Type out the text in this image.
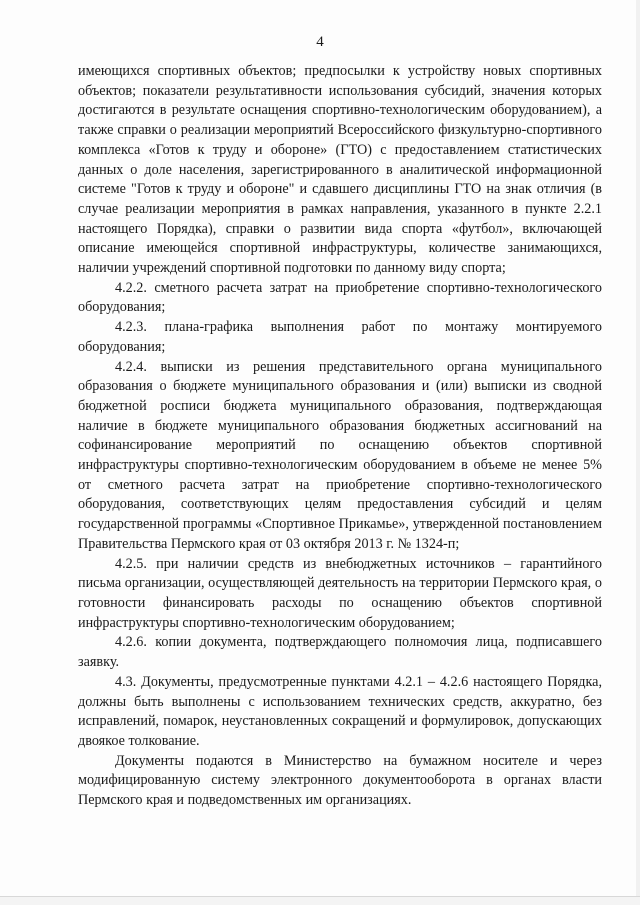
4

имеющихся спортивных объектов; предпосылки к устройству новых спортивных объектов; показатели результативности использования субсидий, значения которых достигаются в результате оснащения спортивно-технологическим оборудованием), а также справки о реализации мероприятий Всероссийского физкультурно-спортивного комплекса «Готов к труду и обороне» (ГТО) с предоставлением статистических данных о доле населения, зарегистрированного в аналитической информационной системе "Готов к труду и обороне" и сдавшего дисциплины ГТО на знак отличия (в случае реализации мероприятия в рамках направления, указанного в пункте 2.2.1 настоящего Порядка), справки о развитии вида спорта «футбол», включающей описание имеющейся спортивной инфраструктуры, количестве занимающихся, наличии учреждений спортивной подготовки по данному виду спорта;

4.2.2. сметного расчета затрат на приобретение спортивно-технологического оборудования;

4.2.3. плана-графика выполнения работ по монтажу монтируемого оборудования;

4.2.4. выписки из решения представительного органа муниципального образования о бюджете муниципального образования и (или) выписки из сводной бюджетной росписи бюджета муниципального образования, подтверждающая наличие в бюджете муниципального образования бюджетных ассигнований на софинансирование мероприятий по оснащению объектов спортивной инфраструктуры спортивно-технологическим оборудованием в объеме не менее 5% от сметного расчета затрат на приобретение спортивно-технологического оборудования, соответствующих целям предоставления субсидий и целям государственной программы «Спортивное Прикамье», утвержденной постановлением Правительства Пермского края от 03 октября 2013 г. № 1324-п;

4.2.5. при наличии средств из внебюджетных источников – гарантийного письма организации, осуществляющей деятельность на территории Пермского края, о готовности финансировать расходы по оснащению объектов спортивной инфраструктуры спортивно-технологическим оборудованием;

4.2.6. копии документа, подтверждающего полномочия лица, подписавшего заявку.

4.3. Документы, предусмотренные пунктами 4.2.1 – 4.2.6 настоящего Порядка, должны быть выполнены с использованием технических средств, аккуратно, без исправлений, помарок, неустановленных сокращений и формулировок, допускающих двоякое толкование.

Документы подаются в Министерство на бумажном носителе и через модифицированную систему электронного документооборота в органах власти Пермского края и подведомственных им организациях.
